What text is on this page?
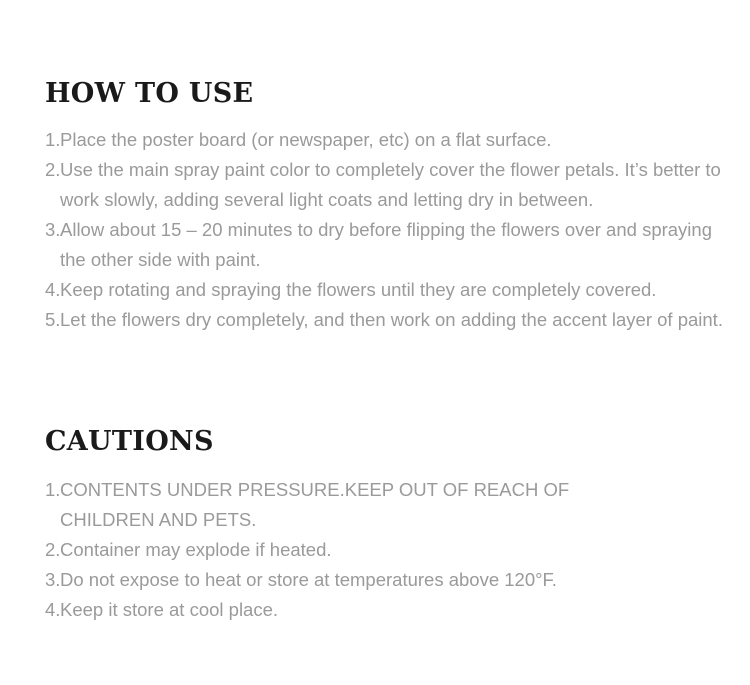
HOW TO USE
1. Place the poster board (or newspaper, etc) on a flat surface.
2. Use the main spray paint color to completely cover the flower petals. It’s better to work slowly, adding several light coats and letting dry in between.
3. Allow about 15 – 20 minutes to dry before flipping the flowers over and spraying the other side with paint.
4. Keep rotating and spraying the flowers until they are completely covered.
5. Let the flowers dry completely, and then work on adding the accent layer of paint.
CAUTIONS
1. CONTENTS UNDER PRESSURE.KEEP OUT OF REACH OF CHILDREN AND PETS.
2. Container may explode if heated.
3. Do not expose to heat or store at temperatures above 120°F.
4. Keep it store at cool place.
